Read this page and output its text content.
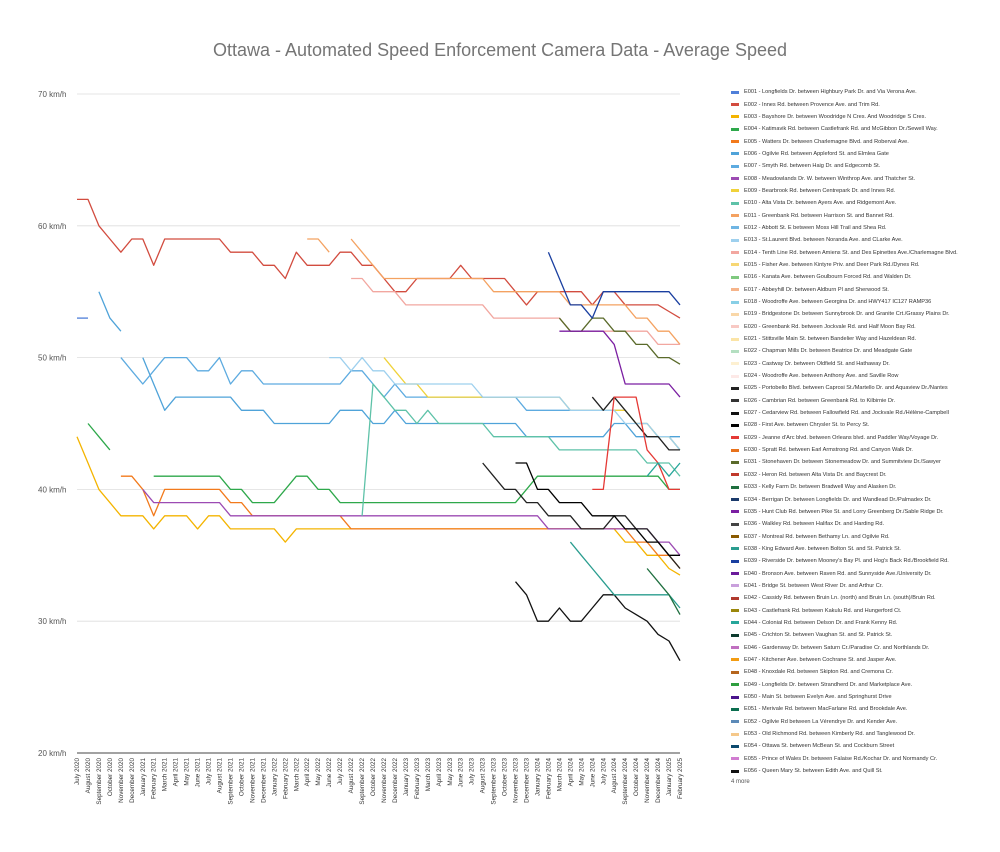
Ottawa - Automated Speed Enforcement Camera Data - Average Speed
20 km/h
30 km/h
40 km/h
50 km/h
60 km/h
70 km/h
July 2020 August 2020 September 2020 October 2020 November 2020 December 2020 January 2021 February 2021 March 2021 April 2021 May 2021 June 2021 July 2021 August 2021 September 2021 October 2021 November 2021 December 2021 January 2022 February 2022 March 2022 April 2022 May 2022 June 2022 July 2022 August 2022 September 2022 October 2022 November 2022 December 2022 January 2023 February 2023 March 2023 April 2023 May 2023 June 2023 July 2023 August 2023 September 2023 October 2023 November 2023 December 2023 January 2024 February 2024 March 2024 April 2024 May 2024 June 2024 July 2024 August 2024 September 2024 October 2024 November 2024 December 2024 January 2025 February 2025
E001 - Longfields Dr. between Highbury Park Dr. and Via Verona Ave.
E002 - Innes Rd. between Provence Ave. and Trim Rd.
E003 - Bayshore Dr. between Woodridge N Cres. And Woodridge S Cres.
E004 - Katimavik Rd. between Castlefrank Rd. and McGibbon Dr./Sewell Way.
E005 - Watters Dr. between Charlemagne Blvd. and Roberval Ave.
E006 - Ogilvie Rd. between Appleford St. and Elmlea Gate
E007 - Smyth Rd. between Haig Dr. and Edgecomb St.
E008 - Meadowlands Dr. W. between Winthrop Ave. and Thatcher St.
E009 - Bearbrook Rd. between Centrepark Dr. and Innes Rd.
E010 - Alta Vista Dr. between Ayers Ave. and Ridgemont Ave.
E011 - Greenbank Rd. between Harrison St. and Bannet Rd.
E012 - Abbott St. E between Moss Hill Trail and Shea Rd.
E013 - St.Laurent Blvd. between Noranda Ave. and CLarke Ave.
E014 - Tenth Line Rd. between Amiens St. and Des Epinettes Ave./Charlemagne Blvd.
E015 - Fisher Ave. between Kintyre Priv. and Deer Park Rd./Dynes Rd.
E016 - Kanata Ave. between Goulbourn Forced Rd. and Walden Dr.
E017 - Abbeyhill Dr. between Aldburn Pl and Sherwood St.
E018 - Woodroffe Ave. between Georgina Dr. and HWY417 IC127 RAMP36
E019 - Bridgestone Dr. between Sunnybrook Dr. and Granite Crt./Grassy Plains Dr.
E020 - Greenbank Rd. between Jockvale Rd. and Half Moon Bay Rd.
E021 - Stittsville Main St. between Bandelier Way and Hazeldean Rd.
E022 - Chapman Mills Dr. between Beatrice Dr. and Meadgate Gate
E023 - Castway Dr. between Oldfield St. and Hathaway Dr.
E024 - Woodroffe Ave. between Anthony Ave. and Saville Row
E025 - Portobello Blvd. between Caprosi St./Martello Dr. and Aquaview Dr./Nantes
E026 - Cambrian Rd. between Greenbank Rd. to Kilbirnie Dr.
E027 - Cedarview Rd. between Fallowfield Rd. and Jockvale Rd./Hélène-Campbell
E028 - First Ave. between Chrysler St. to Percy St.
E029 - Jeanne d'Arc blvd. between Orleans blvd. and Paddler Way/Voyage Dr.
E030 - Spratt Rd. between Earl Armstrong Rd. and Canyon Walk Dr.
E031 - Stonehaven Dr. between Stonemeadow Dr. and Summitview Dr./Sawyer
E032 - Heron Rd. between Alta Vista Dr. and Baycrest Dr.
E033 - Kelly Farm Dr. between Bradwell Way and Alasken Dr.
E034 - Berrigan Dr. between Longfields Dr. and Wandlead Dr./Palmadex Dr.
E035 - Hunt Club Rd. between Pike St. and Lorry Greenberg Dr./Sable Ridge Dr.
E036 - Walkley Rd. between Halifax Dr. and Harding Rd.
E037 - Montreal Rd. between Bethamy Ln. and Ogilvie Rd.
E038 - King Edward Ave. between Bolton St. and St. Patrick St.
E039 - Riverside Dr. between Mooney's Bay Pl. and Hog's Back Rd./Brookfield Rd.
E040 - Bronson Ave. between Raven Rd. and Sunnyside Ave./University Dr.
E041 - Bridge St. between West River Dr. and Arthur Cr.
E042 - Cassidy Rd. between Bruin Ln. (north) and Bruin Ln. (south)/Bruin Rd.
E043 - Castlefrank Rd. between Kakulu Rd. and Hungerford Ct.
E044 - Colonial Rd. between Delson Dr. and Frank Kenny Rd.
E045 - Crichton St. between Vaughan St. and St. Patrick St.
E046 - Gardenway Dr. between Saturn Cr./Paradise Cr. and Northlands Dr.
E047 - Kitchener Ave. between Cochrane St. and Jasper Ave.
E048 - Knoxdale Rd. between Skipton Rd. and Cremona Cr.
E049 - Longfields Dr. between Strandherd Dr. and Marketplace Ave.
E050 - Main St. between Evelyn Ave. and Springhurst Drive
E051 - Merivale Rd. between MacFarlane Rd. and Brookdale Ave.
E052 - Ogilvie Rd between La Vérendrye Dr. and Kender Ave.
E053 - Old Richmond Rd. between Kimberly Rd. and Tanglewood Dr.
E054 - Ottawa St. between McBean St. and Cockburn Street
E055 - Prince of Wales Dr. between Falaise Rd./Kochar Dr. and Normandy Cr.
E056 - Queen Mary St. between Edith Ave. and Quill St.
4 more
